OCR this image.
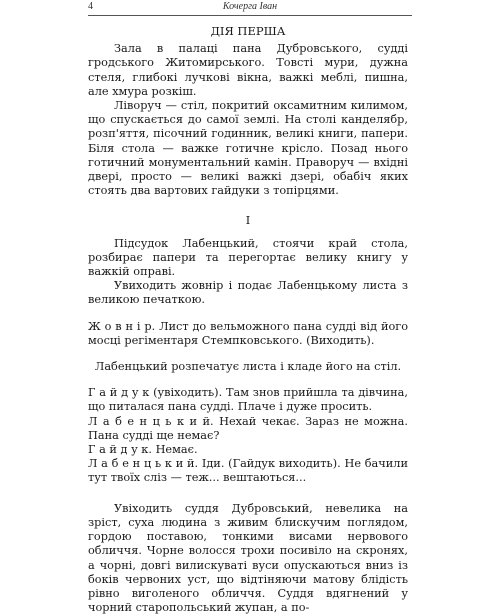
4	Кочерга Іван
ДІЯ ПЕРША

Зала в палаці пана Дубровського, судді гродського Житомирського. Товсті мури, дужна стеля, глибокі лучкові вікна, важкі меблі, пишна, але хмура розкіш.

Ліворуч — стіл, покритий оксамитним килимом, що спускається до самої землі. На столі канделябр, розп'яття, пісочний годинник, великі книги, папери. Біля стола — важке готичне крісло. Позад нього готичний монументальний камін. Праворуч — вхідні двері, просто — великі важкі дзері, обабіч яких стоять два вартових гайдуки з топірцями.

І

Підсудок Лабенцький, стоячи край стола, розбирає папери та перегортає велику книгу у важкій оправі.

Увиходить жовнір і подає Лабенцькому листа з великою печаткою.

Ж о в н і р. Лист до вельможного пана судді від його мосці регіментаря Стемпковського. (Виходить).

Лабенцький розпечатує листа і кладе його на стіл.

Г а й д у к (увіходить). Там знов прийшла та дівчина, що питалася пана судді. Плаче і дуже просить.

Л а б е н ц ь к и й. Нехай чекає. Зараз не можна. Пана судді ще немає?

Г а й д у к. Немає.

Л а б е н ц ь к и й. Іди. (Гайдук виходить). Не бачили тут твоїх сліз — теж... вештаються...

Увіходить суддя Дубровський, невелика на зріст, суха людина з живим блискучим поглядом, гордою поставою, тонкими висами нервового обличчя. Чорне волосся трохи посивіло на скронях, а чорні, довгі вилискуваті вуси опускаються вниз із боків червоних уст, що відтіняючи матову блідість рівно виголеного обличчя. Суддя вдягнений у чорний старопольський жупан, а по-
